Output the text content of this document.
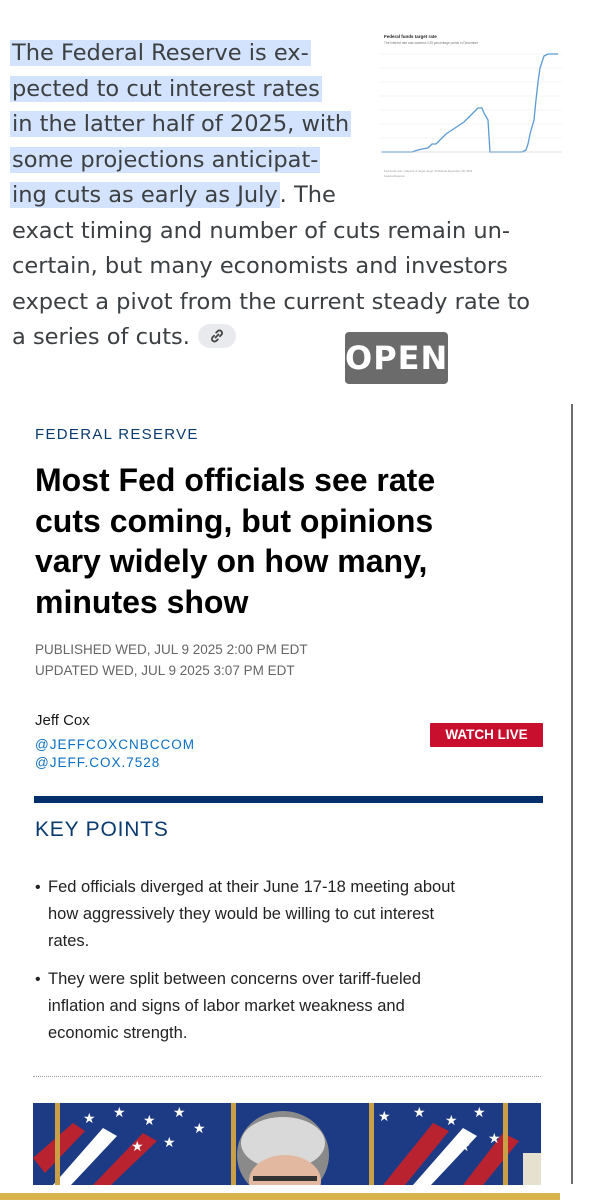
The Federal Reserve is ex-
pected to cut interest rates
in the latter half of 2025, with
some projections anticipat-
ing cuts as early as July. The
exact timing and number of cuts remain un-
certain, but many economists and investors
expect a pivot from the current steady rate to
a series of cuts.
Federal funds target rate
The interest rate was lowered 0.25 percentage points in December
Fed funds rate: midpoint of target range. Published December 18, 2024
Federal Reserve
OPEN
FEDERAL RESERVE
Most Fed officials see rate
cuts coming, but opinions
vary widely on how many,
minutes show
PUBLISHED WED, JUL 9 2025 2:00 PM EDT
UPDATED WED, JUL 9 2025 3:07 PM EDT
Jeff Cox
@JEFFCOXCNBCCOM
@JEFF.COX.7528
WATCH LIVE
KEY POINTS
• Fed officials diverged at their June 17-18 meeting about
how aggressively they would be willing to cut interest
rates.
• They were split between concerns over tariff-fueled
inflation and signs of labor market weakness and
economic strength.
★ ★ ★ ★
★
★ ★ ★
★ ★ ★ ★
★
★
